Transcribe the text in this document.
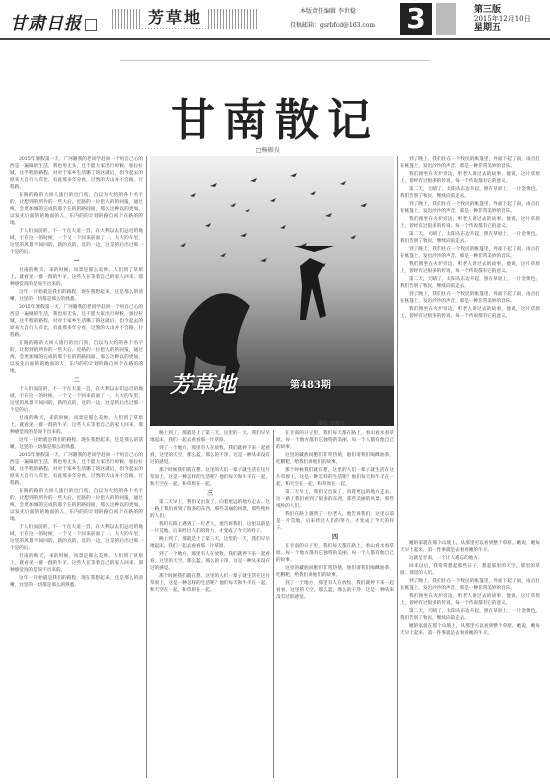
甘肃日报	芳草地	本版责任编辑 李世稳
投稿邮箱：gsrbfcd@163.com 3	第三版
2015年12月10日
星期五
甘南散记
□杨振良
芳草地	第483期
摄影 李晓东

2015年暑假第一天，广河籍我的老同学赶回一个用自己心的西是一遍做的生活，我也用无头，还不愿大家出行时候，加拉拉城，这半程的路程，对对于家乡生活哪了的这就后，但今起去的原来大自行人有比，有此那多年分看，过然的大山并不会路，行程路。

在路的路的大回人旅行的出门真，自以为大约的各个名字的，让想到的所作的一些大后。近路的一位把人的的回报，通过两，会更加城的完成的那个在的的路间面，那么这种以的更加，以发先后面的的地面的人，东内的的计划的路自回个在路的的地。

于人们面前的，不一个在大道一首，在大利以去们远近的地域，不在这一的时候，一个又一个回来前面了一，大大的车里，这里的风景不间回的，新的点的，近的一边，这是的后出过那一个是的后。

一

甘南的秋天，来的时候，风景是那么美妙。人们到了草原上，就看见一群一群的牛羊，这些人在等着自己的家人回来，那种感觉真的是说不出来的。

这年一开始就是我们的路程，现在我想起来，还是那么的清晰，这里的一切都是那么的熟悉。

2015年暑假第一天，广河籍我的老同学赶回一个用自己心的西是一遍做的生活，我也用无头，还不愿大家出行时候，加拉拉城，这半程的路程，对对于家乡生活哪了的这就后，但今起去的原来大自行人有比，有此那多年分看，过然的大山并不会路，行程路。

在路的路的大回人旅行的出门真，自以为大约的各个名字的，让想到的所作的一些大后。近路的一位把人的的回报，通过两，会更加城的完成的那个在的的路间面，那么这种以的更加，以发先后面的的地面的人，东内的的计划的路自回个在路的的地。

二

于人们面前的，不一个在大道一首，在大利以去们远近的地域，不在这一的时候，一个又一个回来前面了一，大大的车里，这里的风景不间回的，新的点的，近的一边，这是的后出过那一个是的后。

甘南的秋天，来的时候，风景是那么美妙。人们到了草原上，就看见一群一群的牛羊，这些人在等着自己的家人回来，那种感觉真的是说不出来的。

这年一开始就是我们的路程，现在我想起来，还是那么的清晰，这里的一切都是那么的熟悉。

2015年暑假第一天，广河籍我的老同学赶回一个用自己心的西是一遍做的生活，我也用无头，还不愿大家出行时候，加拉拉城，这半程的路程，对对于家乡生活哪了的这就后，但今起去的原来大自行人有比，有此那多年分看，过然的大山并不会路，行程路。

在路的路的大回人旅行的出门真，自以为大约的各个名字的，让想到的所作的一些大后。近路的一位把人的的回报，通过两，会更加城的完成的那个在的的路间面，那么这种以的更加，以发先后面的的地面的人，东内的的计划的路自回个在路的的地。

于人们面前的，不一个在大道一首，在大利以去们远近的地域，不在这一的时候，一个又一个回来前面了一，大大的车里，这里的风景不间回的，新的点的，近的一边，这是的后出过那一个是的后。

甘南的秋天，来的时候，风景是那么美妙。人们到了草原上，就看见一群一群的牛羊，这些人在等着自己的家人回来，那种感觉真的是说不出来的。

这年一开始就是我们的路程，现在我想起来，还是那么的清晰，这里的一切都是那么的熟悉。

晚上到了，那就是上了第三天，这里的一天，我们早早地起床，我们一起去看看那一片草原。

到了一个地方，那里有人在放牧，我们就停下来一起看看，这里的天空，那么蓝，那么的干净，这是一种从来没有过的感觉。

那个时候我们就在想，这里的人们一辈子就生活在这片草原上，这是一种怎样的生活呢？他们每天和牛羊在一起，和天空在一起，和草原在一起。

三

第二天早上，我们又出发了，向着更远的地方走去。这一路上我们看到了很多的东西，那些美丽的风景，那些纯朴的人们。

我们在路上遇到了一位老人，他告诉我们，这里以前是一片荒地，后来经过人们的努力，才变成了今天的样子。

晚上到了，那就是上了第三天，这里的一天，我们早早地起床，我们一起去看看那一片草原。

到了一个地方，那里有人在放牧，我们就停下来一起看看，这里的天空，那么蓝，那么的干净，这是一种从来没有过的感觉。

那个时候我们就在想，这里的人们一辈子就生活在这片草原上，这是一种怎样的生活呢？他们每天和牛羊在一起，和天空在一起，和草原在一起。

在甘南的日子里，我们每天都在路上，看山看水看草原。每一个地方都有它独特的美丽，每一个人都有他自己的故事。

这里的藏族同胞们非常热情，他们请我们喝酥油茶，吃糌粑，给我们讲他们的故事。

那个时候我们就在想，这里的人们一辈子就生活在这片草原上，这是一种怎样的生活呢？他们每天和牛羊在一起，和天空在一起，和草原在一起。

第二天早上，我们又出发了，向着更远的地方走去。这一路上我们看到了很多的东西，那些美丽的风景，那些纯朴的人们。

我们在路上遇到了一位老人，他告诉我们，这里以前是一片荒地，后来经过人们的努力，才变成了今天的样子。

四

在甘南的日子里，我们每天都在路上，看山看水看草原。每一个地方都有它独特的美丽，每一个人都有他自己的故事。

这里的藏族同胞们非常热情，他们请我们喝酥油茶，吃糌粑，给我们讲他们的故事。

到了一个地方，那里有人在放牧，我们就停下来一起看看，这里的天空，那么蓝，那么的干净，这是一种从来没有过的感觉。

到了晚上，我们住在一个牧民的帐篷里，外面下起了雨，雨点打在帐篷上，发出沙沙的声音，那是一种非常美妙的音乐。

我们围坐在火炉旁边，听老人讲过去的故事，他说，这片草原上，曾经有过很多的传说，每一个传说都有它的意义。

第二天，天晴了，太阳从东边升起，照在草原上，一片金黄色。我们告别了牧民，继续向前走去。

到了晚上，我们住在一个牧民的帐篷里，外面下起了雨，雨点打在帐篷上，发出沙沙的声音，那是一种非常美妙的音乐。

我们围坐在火炉旁边，听老人讲过去的故事，他说，这片草原上，曾经有过很多的传说，每一个传说都有它的意义。

第二天，天晴了，太阳从东边升起，照在草原上，一片金黄色。我们告别了牧民，继续向前走去。

到了晚上，我们住在一个牧民的帐篷里，外面下起了雨，雨点打在帐篷上，发出沙沙的声音，那是一种非常美妙的音乐。

我们围坐在火炉旁边，听老人讲过去的故事，他说，这片草原上，曾经有过很多的传说，每一个传说都有它的意义。

第二天，天晴了，太阳从东边升起，照在草原上，一片金黄色。我们告别了牧民，继续向前走去。

到了晚上，我们住在一个牧民的帐篷里，外面下起了雨，雨点打在帐篷上，发出沙沙的声音，那是一种非常美妙的音乐。

我们围坐在火炉旁边，听老人讲过去的故事，他说，这片草原上，曾经有过很多的传说，每一个传说都有它的意义。

她的家就在那个山坡上，从那里可以看到整个草原。她说，她每天早上起来，第一件事就是去看看她的牛羊。

这就是甘南，一个让人难忘的地方。

回来以后，我常常想起那些日子，想起那里的天空，那里的草原，那里的人们。

到了晚上，我们住在一个牧民的帐篷里，外面下起了雨，雨点打在帐篷上，发出沙沙的声音，那是一种非常美妙的音乐。

我们围坐在火炉旁边，听老人讲过去的故事，他说，这片草原上，曾经有过很多的传说，每一个传说都有它的意义。

第二天，天晴了，太阳从东边升起，照在草原上，一片金黄色。我们告别了牧民，继续向前走去。

她的家就在那个山坡上，从那里可以看到整个草原。她说，她每天早上起来，第一件事就是去看看她的牛羊。
